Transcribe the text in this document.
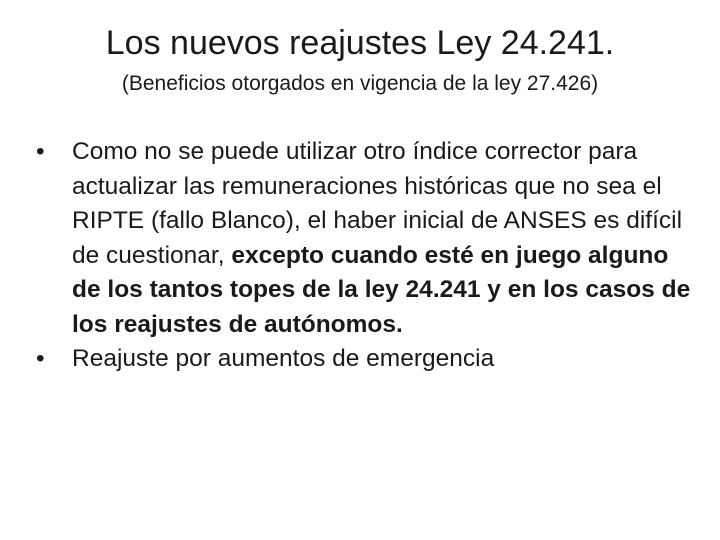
Los nuevos reajustes Ley 24.241.
(Beneficios otorgados en vigencia de la ley 27.426)
•	Como no se puede utilizar otro índice corrector para actualizar las remuneraciones históricas que no sea el RIPTE (fallo Blanco), el haber inicial de ANSES es difícil de cuestionar, excepto cuando esté en juego alguno de los tantos topes de la ley 24.241 y en los casos de los reajustes de autónomos.
•	Reajuste por aumentos de emergencia
